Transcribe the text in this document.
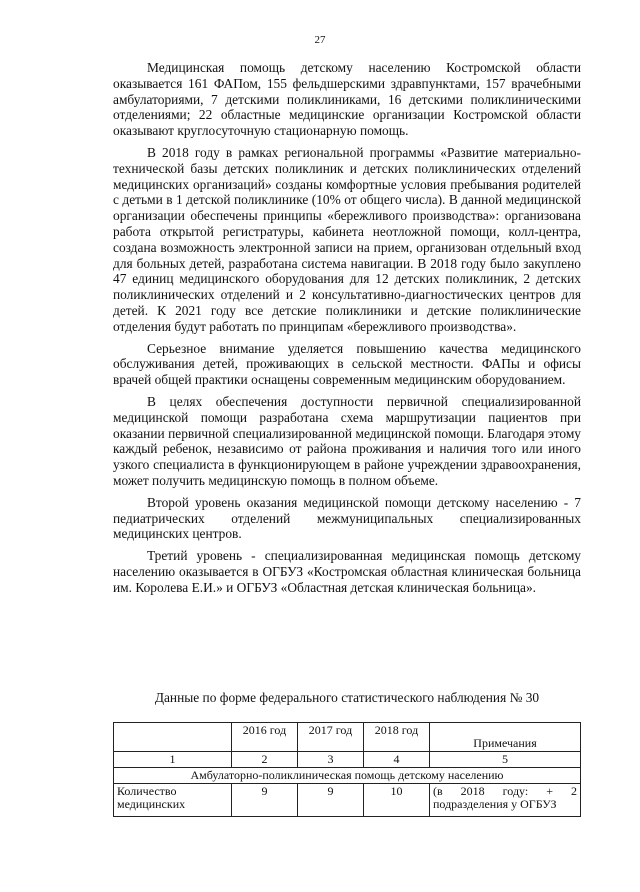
27

Медицинская помощь детскому населению Костромской области оказывается 161 ФАПом, 155 фельдшерскими здравпунктами, 157 врачебными амбулаториями, 7 детскими поликлиниками, 16 детскими поликлиническими отделениями; 22 областные медицинские организации Костромской области оказывают круглосуточную стационарную помощь.

В 2018 году в рамках региональной программы «Развитие материально-технической базы детских поликлиник и детских поликлинических отделений медицинских организаций» созданы комфортные условия пребывания родителей с детьми в 1 детской поликлинике (10% от общего числа). В данной медицинской организации обеспечены принципы «бережливого производства»: организована работа открытой регистратуры, кабинета неотложной помощи, колл-центра, создана возможность электронной записи на прием, организован отдельный вход для больных детей, разработана система навигации. В 2018 году было закуплено 47 единиц медицинского оборудования для 12 детских поликлиник, 2 детских поликлинических отделений и 2 консультативно-диагностических центров для детей. К 2021 году все детские поликлиники и детские поликлинические отделения будут работать по принципам «бережливого производства».

Серьезное внимание уделяется повышению качества медицинского обслуживания детей, проживающих в сельской местности. ФАПы и офисы врачей общей практики оснащены современным медицинским оборудованием.

В целях обеспечения доступности первичной специализированной медицинской помощи разработана схема маршрутизации пациентов при оказании первичной специализированной медицинской помощи. Благодаря этому каждый ребенок, независимо от района проживания и наличия того или иного узкого специалиста в функционирующем в районе учреждении здравоохранения, может получить медицинскую помощь в полном объеме.

Второй уровень оказания медицинской помощи детскому населению - 7 педиатрических отделений межмуниципальных специализированных медицинских центров.

Третий уровень - специализированная медицинская помощь детскому населению оказывается в ОГБУЗ «Костромская областная клиническая больница им. Королева Е.И.» и ОГБУЗ «Областная детская клиническая больница».

Данные по форме федерального статистического наблюдения № 30
	2016 год	2017 год	2018 год	Примечания
1	2	3	4	5
Амбулаторно-поликлиническая помощь детскому населению				
Количество медицинских	9	9	10	(в 2018 году: + 2 подразделения у ОГБУЗ
